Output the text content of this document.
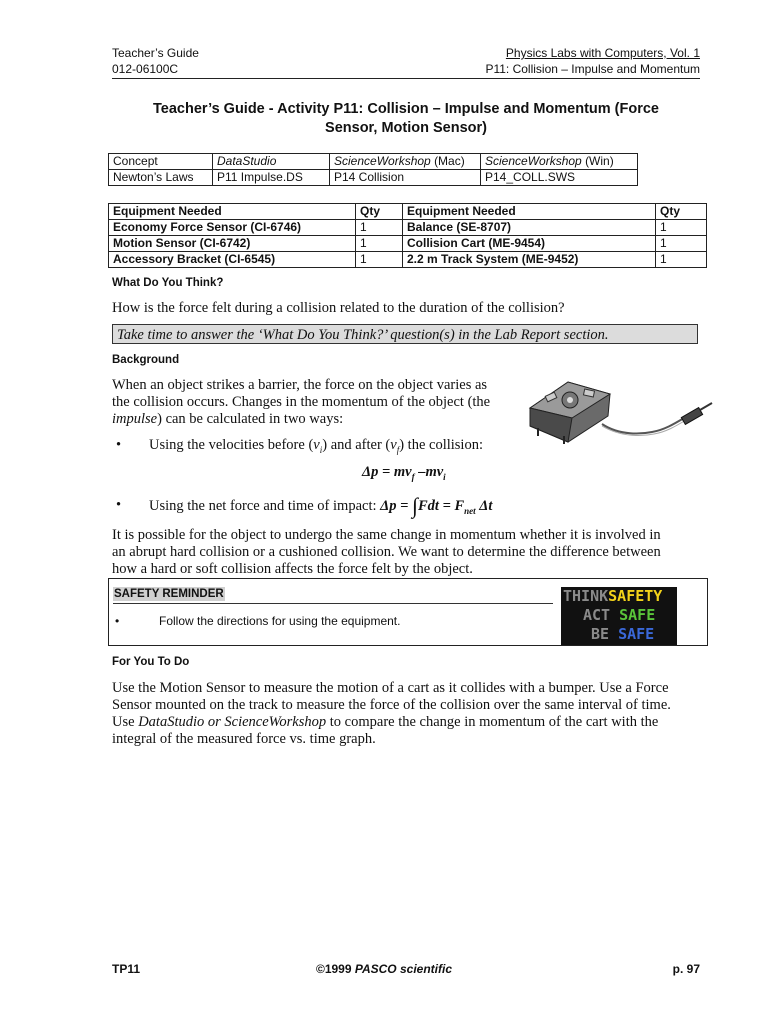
Teacher’s Guide
012-06100C
Physics Labs with Computers, Vol. 1
P11: Collision – Impulse and Momentum
Teacher’s Guide - Activity P11: Collision – Impulse and Momentum (Force
Sensor, Motion Sensor)
Concept	DataStudio	ScienceWorkshop (Mac)	ScienceWorkshop (Win)
Newton’s Laws	P11 Impulse.DS	P14 Collision	P14_COLL.SWS
Equipment Needed	Qty	Equipment Needed	Qty
Economy Force Sensor (CI-6746)	1	Balance (SE-8707)	1
Motion Sensor (CI-6742)	1	Collision Cart (ME-9454)	1
Accessory Bracket (CI-6545)	1	2.2 m Track System (ME-9452)	1
What Do You Think?
How is the force felt during a collision related to the duration of the collision?
Take time to answer the ‘What Do You Think?’ question(s) in the Lab Report section.
Background
When an object strikes a barrier, the force on the object varies as
the collision occurs. Changes in the momentum of the object (the
impulse) can be calculated in two ways:
• Using the velocities before $(v_i)$ and after $(v_f)$ the collision:
$\Delta p = mv_f$ $-mv_i$
• Using the net force and time of impact: $\Delta p = \int Fdt = F_{net}$ Δt
It is possible for the object to undergo the same change in momentum whether it is involved in
an abrupt hard collision or a cushioned collision. We want to determine the difference between
how a hard or soft collision affects the force felt by the object.
SAFETY REMINDER
•	Follow the directions for using the equipment.
THINKSAFETY
ACT SAFE
BE SAFE
For You To Do
Use the Motion Sensor to measure the motion of a cart as it collides with a bumper. Use a Force
Sensor mounted on the track to measure the force of the collision over the same interval of time.
Use DataStudio or ScienceWorkshop to compare the change in momentum of the cart with the
integral of the measured force vs. time graph.
TP11	©1999 PASCO scientific	p. 97
